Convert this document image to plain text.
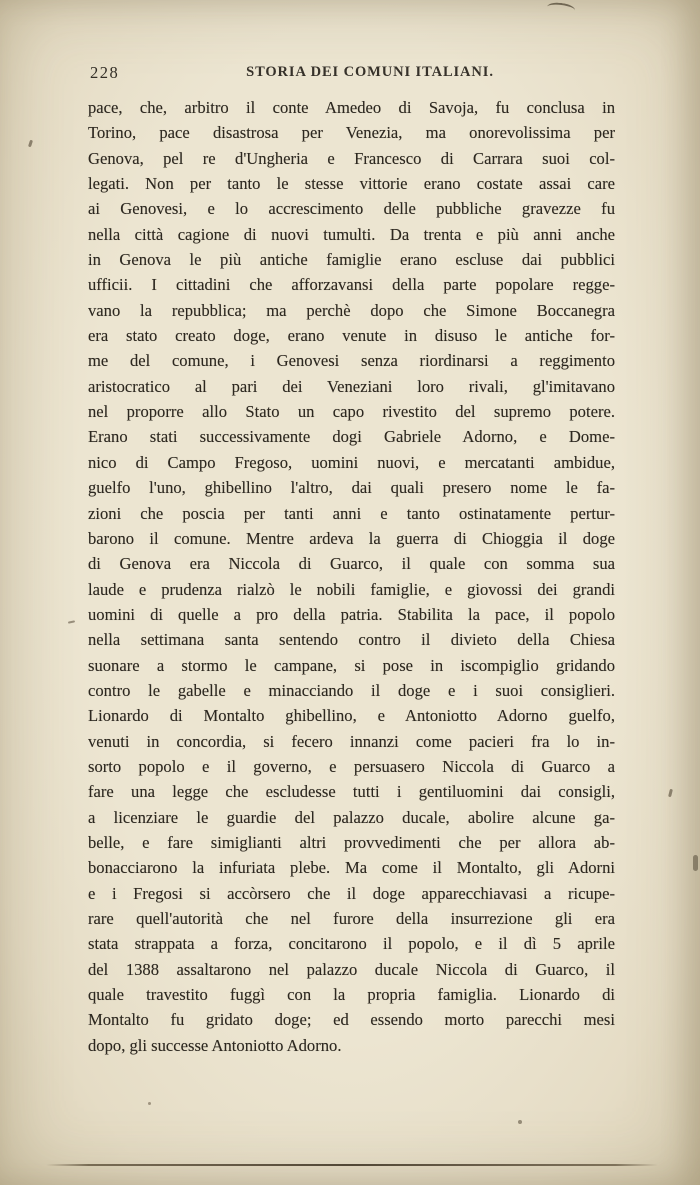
228	STORIA DEI COMUNI ITALIANI.
pace, che, arbitro il conte Amedeo di Savoja, fu conclusa in
Torino, pace disastrosa per Venezia, ma onorevolissima per
Genova, pel re d'Ungheria e Francesco di Carrara suoi col-
legati. Non per tanto le stesse vittorie erano costate assai care
ai Genovesi, e lo accrescimento delle pubbliche gravezze fu
nella città cagione di nuovi tumulti. Da trenta e più anni anche
in Genova le più antiche famiglie erano escluse dai pubblici
ufficii. I cittadini che afforzavansi della parte popolare regge-
vano la repubblica; ma perchè dopo che Simone Boccanegra
era stato creato doge, erano venute in disuso le antiche for-
me del comune, i Genovesi senza riordinarsi a reggimento
aristocratico al pari dei Veneziani loro rivali, gl'imitavano
nel proporre allo Stato un capo rivestito del supremo potere.
Erano stati successivamente dogi Gabriele Adorno, e Dome-
nico di Campo Fregoso, uomini nuovi, e mercatanti ambidue,
guelfo l'uno, ghibellino l'altro, dai quali presero nome le fa-
zioni che poscia per tanti anni e tanto ostinatamente pertur-
barono il comune. Mentre ardeva la guerra di Chioggia il doge
di Genova era Niccola di Guarco, il quale con somma sua
laude e prudenza rialzò le nobili famiglie, e giovossi dei grandi
uomini di quelle a pro della patria. Stabilita la pace, il popolo
nella settimana santa sentendo contro il divieto della Chiesa
suonare a stormo le campane, si pose in iscompiglio gridando
contro le gabelle e minacciando il doge e i suoi consiglieri.
Lionardo di Montalto ghibellino, e Antoniotto Adorno guelfo,
venuti in concordia, si fecero innanzi come pacieri fra lo in-
sorto popolo e il governo, e persuasero Niccola di Guarco a
fare una legge che escludesse tutti i gentiluomini dai consigli,
a licenziare le guardie del palazzo ducale, abolire alcune ga-
belle, e fare simiglianti altri provvedimenti che per allora ab-
bonacciarono la infuriata plebe. Ma come il Montalto, gli Adorni
e i Fregosi si accòrsero che il doge apparecchiavasi a ricupe-
rare quell'autorità che nel furore della insurrezione gli era
stata strappata a forza, concitarono il popolo, e il dì 5 aprile
del 1388 assaltarono nel palazzo ducale Niccola di Guarco, il
quale travestito fuggì con la propria famiglia. Lionardo di
Montalto fu gridato doge; ed essendo morto parecchi mesi
dopo, gli successe Antoniotto Adorno.
